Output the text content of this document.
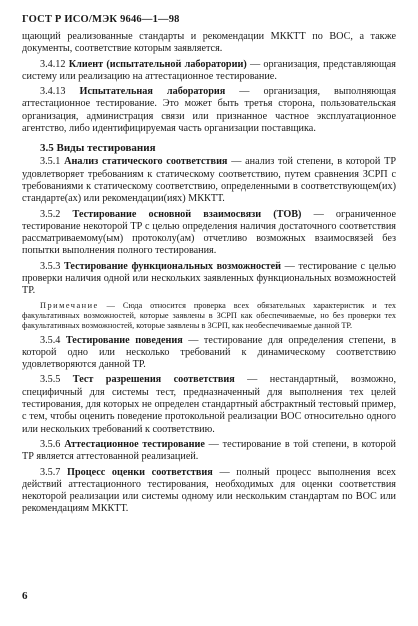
ГОСТ Р ИСО/МЭК 9646—1—98

щающий реализованные стандарты и рекомендации МККТТ по ВОС, а также документы, соответствие которым заявляется.

3.4.12 Клиент (испытательной лаборатории) — организация, представляющая систему или реализацию на аттестационное тестирование.

3.4.13 Испытательная лаборатория — организация, выполняющая аттестационное тестирование. Это может быть третья сторона, пользовательская организация, администрация связи или признанное частное эксплуатационное агентство, либо идентифицируемая часть организации поставщика.

3.5 Виды тестирования

3.5.1 Анализ статического соответствия — анализ той степени, в которой ТР удовлетворяет требованиям к статическому соответствию, путем сравнения ЗСРП с требованиями к статическому соответствию, определенными в соответствующем(их) стандарте(ах) или рекомендации(иях) МККТТ.

3.5.2 Тестирование основной взаимосвязи (ТОВ) — ограниченное тестирование некоторой ТР с целью определения наличия достаточного соответствия рассматриваемому(ым) протоколу(ам) отчетливо возможных взаимосвязей без попытки выполнения полного тестирования.

3.5.3 Тестирование функциональных возможностей — тестирование с целью проверки наличия одной или нескольких заявленных функциональных возможностей ТР.

Примечание — Сюда относится проверка всех обязательных характеристик и тех факультативных возможностей, которые заявлены в ЗСРП как обеспечиваемые, но без проверки тех факультативных возможностей, которые заявлены в ЗСРП, как необеспечиваемые данной ТР.

3.5.4 Тестирование поведения — тестирование для определения степени, в которой одно или несколько требований к динамическому соответствию удовлетворяются данной ТР.

3.5.5 Тест разрешения соответствия — нестандартный, возможно, специфичный для системы тест, предназначенный для выполнения тех целей тестирования, для которых не определен стандартный абстрактный тестовый пример, с тем, чтобы оценить поведение протокольной реализации ВОС относительно одного или нескольких требований к соответствию.

3.5.6 Аттестационное тестирование — тестирование в той степени, в которой ТР является аттестованной реализацией.

3.5.7 Процесс оценки соответствия — полный процесс выполнения всех действий аттестационного тестирования, необходимых для оценки соответствия некоторой реализации или системы одному или нескольким стандартам по ВОС или рекомендациям МККТТ.

6
